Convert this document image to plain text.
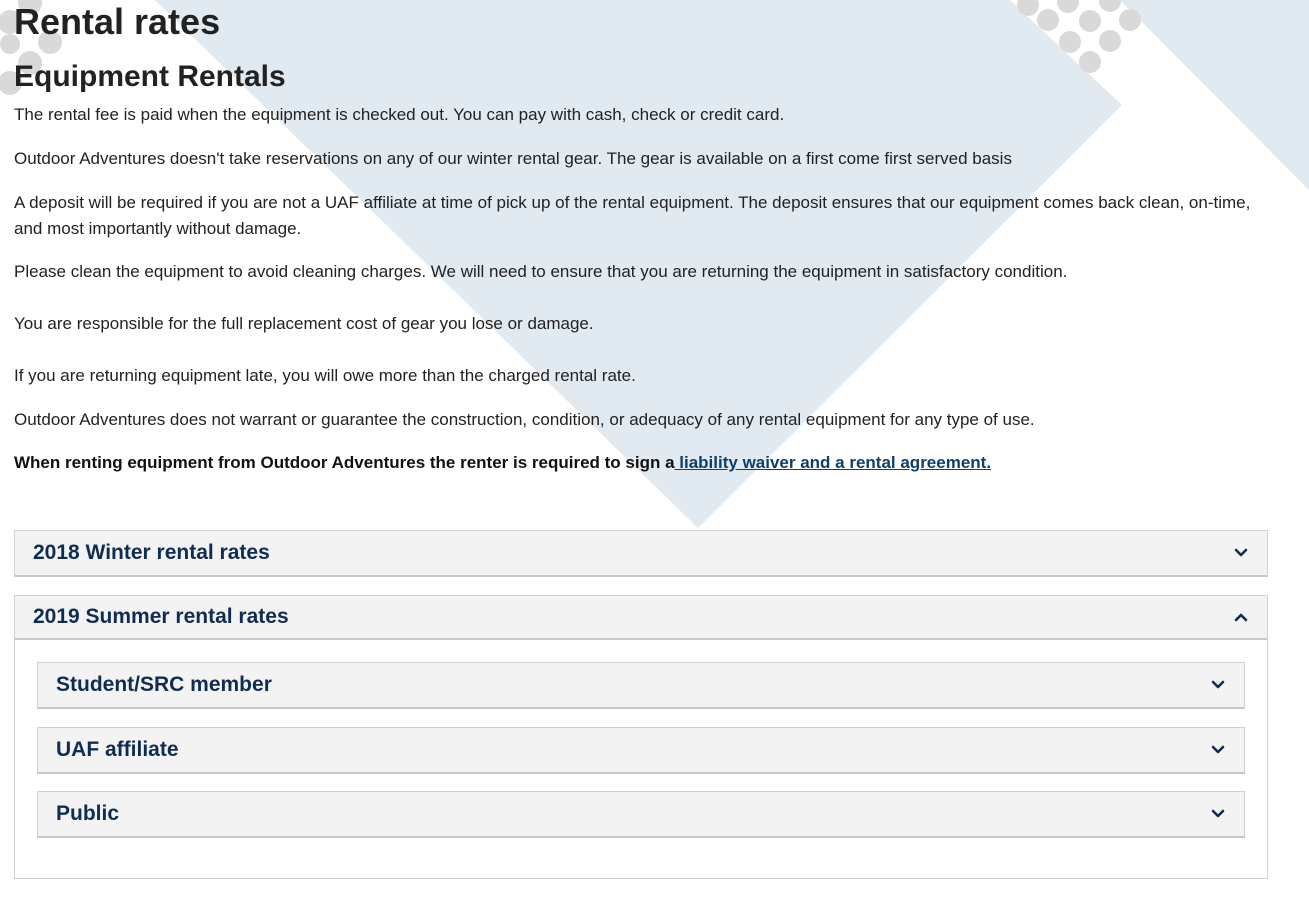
Rental rates
Equipment Rentals

The rental fee is paid when the equipment is checked out. You can pay with cash, check or credit card.

Outdoor Adventures doesn't take reservations on any of our winter rental gear. The gear is available on a first come first served basis

A deposit will be required if you are not a UAF affiliate at time of pick up of the rental equipment. The deposit ensures that our equipment comes back clean, on-time, and most importantly without damage.

Please clean the equipment to avoid cleaning charges. We will need to ensure that you are returning the equipment in satisfactory condition.

You are responsible for the full replacement cost of gear you lose or damage.

If you are returning equipment late, you will owe more than the charged rental rate.

Outdoor Adventures does not warrant or guarantee the construction, condition, or adequacy of any rental equipment for any type of use.

When renting equipment from Outdoor Adventures the renter is required to sign a liability waiver and a rental agreement.

2018 Winter rental rates
2019 Summer rental rates
Student/SRC member
UAF affiliate
Public
